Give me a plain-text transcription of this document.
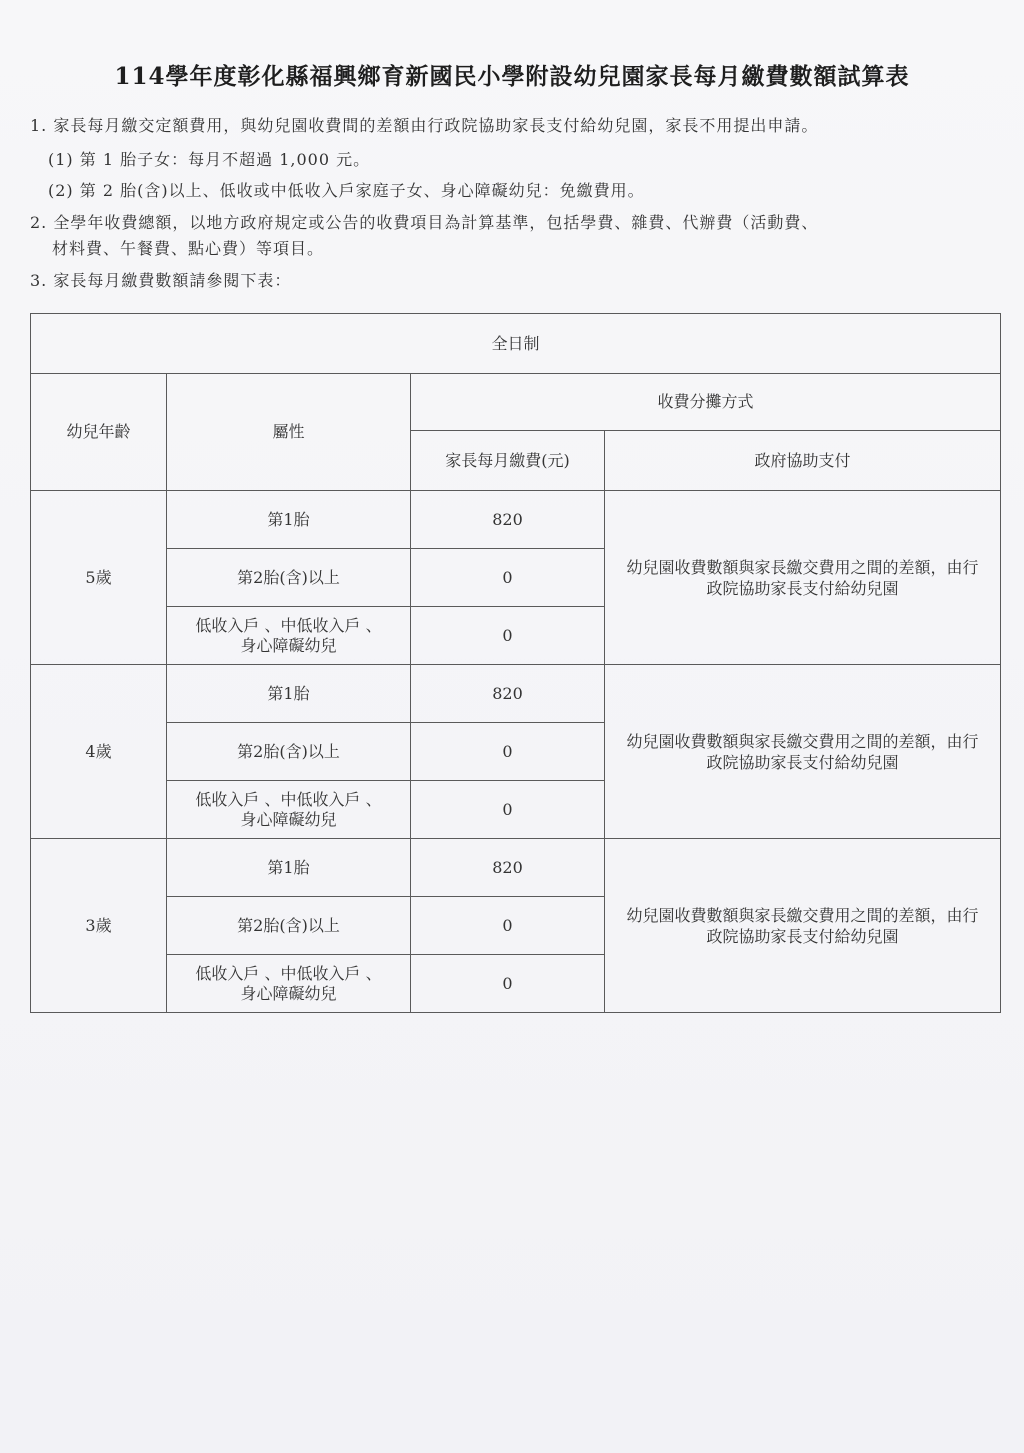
114學年度彰化縣福興鄉育新國民小學附設幼兒園家長每月繳費數額試算表
1. 家長每月繳交定額費用，與幼兒園收費間的差額由行政院協助家長支付給幼兒園，家長不用提出申請。
(1) 第 1 胎子女：每月不超過 1,000 元。
(2) 第 2 胎(含)以上、低收或中低收入戶家庭子女、身心障礙幼兒：免繳費用。
2. 全學年收費總額，以地方政府規定或公告的收費項目為計算基準，包括學費、雜費、代辦費（活動費、
材料費、午餐費、點心費）等項目。
3. 家長每月繳費數額請參閱下表：
全日制			
幼兒年齡	屬性	收費分攤方式	
		家長每月繳費(元)	政府協助支付
5歲	第1胎	820	幼兒園收費數額與家長繳交費用之間的差額，由行政院協助家長支付給幼兒園
	第2胎(含)以上	0	
	低收入戶 、中低收入戶 、
身心障礙幼兒	0	
4歲	第1胎	820	幼兒園收費數額與家長繳交費用之間的差額，由行政院協助家長支付給幼兒園
	第2胎(含)以上	0	
	低收入戶 、中低收入戶 、
身心障礙幼兒	0	
3歲	第1胎	820	幼兒園收費數額與家長繳交費用之間的差額，由行政院協助家長支付給幼兒園
	第2胎(含)以上	0	
	低收入戶 、中低收入戶 、
身心障礙幼兒	0	
